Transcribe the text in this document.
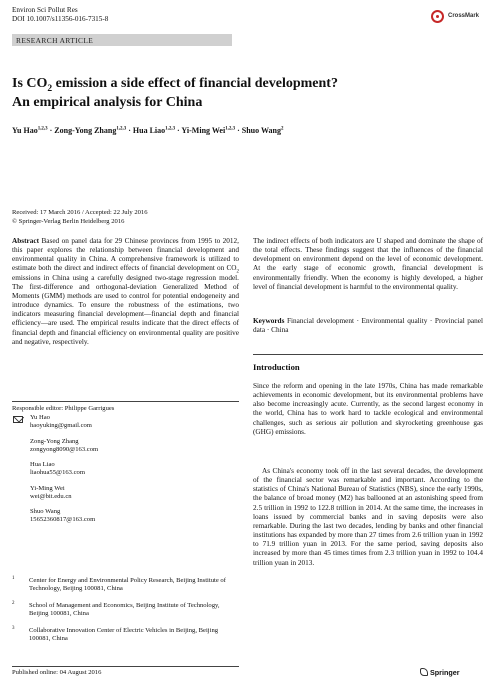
Environ Sci Pollut Res
DOI 10.1007/s11356-016-7315-8	CrossMark
RESEARCH ARTICLE
Is $CO_2$ emission a side effect of financial development?
An empirical analysis for China
Yu Hao$^{1,2,3}$ · Zong-Yong Zhang$^{1,2,3}$ · Hua Liao$^{1,2,3}$ · Yi-Ming Wei$^{1,2,3}$ · Shuo Wang$^2$
Received: 17 March 2016 / Accepted: 22 July 2016
© Springer-Verlag Berlin Heidelberg 2016
Abstract Based on panel data for 29 Chinese provinces from 1995 to 2012, this paper explores the relationship between financial development and environmental quality in China. A comprehensive framework is utilized to estimate both the direct and indirect effects of financial development on $CO_2$ emissions in China using a carefully designed two-stage regression model. The first-difference and orthogonal-deviation Generalized Method of Moments (GMM) methods are used to control for potential endogeneity and introduce dynamics. To ensure the robustness of the estimations, two indicators measuring financial development—financial depth and financial efficiency—are used. The empirical results indicate that the direct effects of financial depth and financial efficiency on environmental quality are positive and negative, respectively.
The indirect effects of both indicators are U shaped and dominate the shape of the total effects. These findings suggest that the influences of the financial development on environment depend on the level of economic development. At the early stage of economic growth, financial development is environmentally friendly. When the economy is highly developed, a higher level of financial development is harmful to the environmental quality.
Keywords Financial development · Environmental quality · Provincial panel data · China
Introduction
Since the reform and opening in the late 1970s, China has made remarkable achievements in economic development, but its environmental problems have also become increasingly acute. Currently, as the second largest economy in the world, China has to work hard to tackle ecological and environmental challenges, such as serious air pollution and skyrocketing greenhouse gas (GHG) emissions.
As China's economy took off in the last several decades, the development of the financial sector was remarkable and important. According to the statistics of China's National Bureau of Statistics (NBS), since the early 1990s, the balance of broad money (M2) has ballooned at an astonishing speed from 2.5 trillion in 1992 to 122.8 trillion in 2014. At the same time, the increases in loans issued by commercial banks and in saving deposits were also remarkable. During the last two decades, lending by banks and other financial institutions has expanded by more than 27 times from 2.6 trillion yuan in 1992 to 71.9 trillion yuan in 2013. For the same period, saving deposits also increased by more than 45 times times from 2.3 trillion yuan in 1992 to 104.4 trillion yuan in 2013.
Responsible editor: Philippe Garrigues
Yu Hao
haoyuking@gmail.com
Zong-Yong Zhang
zongyong8090@163.com
Hua Liao
liaohua55@163.com
Yi-Ming Wei
wei@bit.edu.cn
Shuo Wang
15652360817@163.com
1 Center for Energy and Environmental Policy Research, Beijing Institute of Technology, Beijing 100081, China
2 School of Management and Economics, Beijing Institute of Technology, Beijing 100081, China
3 Collaborative Innovation Center of Electric Vehicles in Beijing, Beijing 100081, China
Published online: 04 August 2016	Springer
